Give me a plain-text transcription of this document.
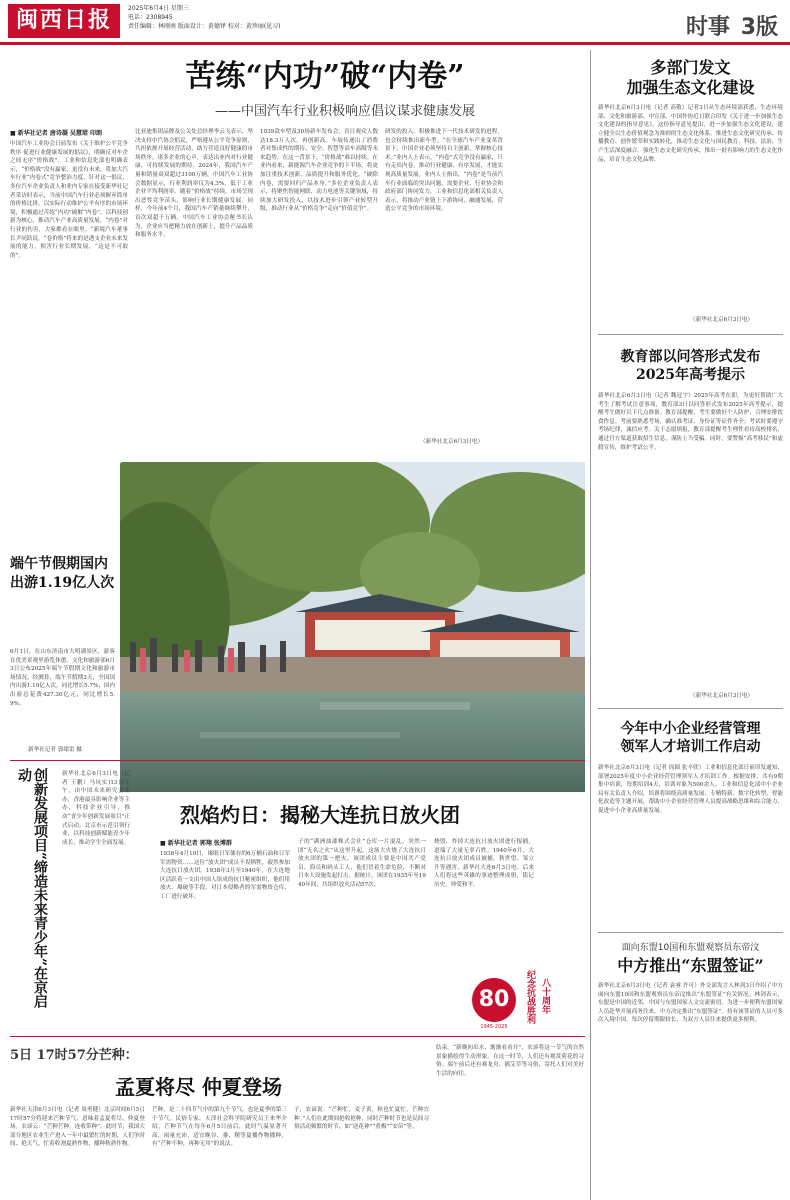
闽西日报	2025年6月4日 星期三
电话：2308945
责任编辑：林刚南 版面设计：黄德铎 校对：黄珍丽(见习)	时事 3版
苦练“内功”破“内卷”
——中国汽车行业积极响应倡议谋求健康发展
■ 新华社记者 唐诗凝 吴慧珺 印朗
中国汽车工业协会日前发布《关于维护公平竞争秩序 促进行业健康发展的倡议》，明确反对车企之间无序“价格战”。工业和信息化部也明确表示，“价格战”没有赢家，更没有未来，将加大汽车行业“内卷式”竞争整治力度。针对这一倡议，多位汽车企业负责人和业内专家在接受新华社记者采访时表示，当前中国汽车行业必须摒弃简单的价格比拼，以实际行动维护公平有序的市场环境，积极通过苦练“内功”破解“内卷”，以科技创新为核心，推动汽车产业高质量发展。“内卷”对行业的伤害，大家都看在眼里。“新境汽车董事长尹同跃说，“卷价格”将来的是透支企业未来发展的能力，损害行业长期发展，“这是不可取的”。
比亚迪集团品牌及公关处总经理李云飞表示，坚决支持中汽协会倡议，严格遵从公平竞争原则，共担依规开展经营活动，助力营造良好健康的市场秩序。诸多企业的心声，表达出业内对行业健康、可持续发展的期待。2024年，我国汽车产量和销量双双超过3100万辆，中国汽车工业协会数据显示，行业利润率仅为4.3%，低于工业企业平均利润率。随着“价格战”持续，市场呈现出恶性竞争苗头，影响行业长期健康发展。同样，今年前4个月，我国汽车产销量继续攀升，首次双超千万辆。中国汽车工业协会秘书长认为，企业应当把精力放在创新上，提升产品品质和服务水平。
1039款车型及30场新车发布会，首日观众人数达18.3万人次，再创新高。车展传递出了消费者对集成性的期待、安全、智慧等高车高级等未来趋势。在这一背景下，“价格战”难以持续。在业内看来，新能源汽车企业竞争的下半场，将更加注重技术创新、品质提升和服务优化。“破除内卷，需要回归产品本身。”多位企业负责人表示，将聚焦智能网联、动力电池等关键领域，持续加大研发投入，以技术进步引领产业转型升级，推动行业从“价格竞争”走向“价值竞争”。
研发的投入，积极推进下一代技术研发的进程，也会持续推出新车型。“在全球汽车产业变革背景下，中国企业必须坚持自主创新，掌握核心技术。”业内人士表示，“内卷”式竞争没有赢家，只有走出内卷，推动行业健康、有序发展，才能实现高质量发展。业内人士指出，“内卷”是当前汽车行业面临的突出问题，需要企业、行业协会和政府部门协同发力。工业和信息化部相关负责人表示，将推动产业链上下游协同、融通发展，营造公平竞争的市场环境。
（新华社北京6月3日电）
端午节假期国内出游1.19亿人次
6月1日，在山东济南市大明湖景区，游客在优美景观里游览休憩。文化和旅游部6月3日公布2025年端午节假期文化和旅游市场情况。经测算，端午节假期3天，全国国内出游1.19亿人次，同比增长5.7%；国内出游总花费427.30亿元，同比增长5.9%。
新华社记者 郭绪雷 摄
创新发展项目“缔造未来青少年”在京启动	新华社北京6月3日电（记者 王鹏）马坑实)13日下午，由中国未来研究会主办，香港最具影响企业等主办，科技企业引导，推动“青少年创新发展项目”正式启动。北京市示范引领行业，以科技创新赋能青少年成长，推动学生全面发展。
烈焰灼日：揭秘大连抗日放火团
■ 新华社记者 郭翔 张博群
1938年4月10日，缘眼日军储存的6万桶石油和日军军需物资……这位“放火团”成员不畏牺牲，毅然参加大连抗日放火团。1938年3月至1940年，在大连地区活跃着一支由中国人组成的抗日秘密组织，他们用放火、爆破等手段，对日本侵略者的军需物资仓库、工厂进行破坏。
子的“满洲油漆株式会社”仓库一片混乱，突然一团“无名之火”从这里升起，这场大火烧了大连抗日放火团的第一把火。该团成员主要是中国共产党员、海员和码头工人，他们冒着生命危险，不断对日本人设施发起打击。据统计，该团在1935年至1940年间，共组织放火活动57次。
烧毁、炸掉大连抗日放火团进行报捕，道端了大量无辜百姓。1940年6月，大连抗日放火团成员被捕，秋世望、邹立升等遇害。新华社大连6月3日电。后来人们将这些英雄的事迹整理成册，铭记历史，珍爱和平。
80
1945-2025
纪念抗战胜利 八十周年
5日 17时57分芒种：
孟夏将尽 仲夏登场
新华社天津6月3日电（记者 周勇健）北京时间6月5日17时57分将迎来芒种节气，意味着孟夏将尽，仲夏登场。农谚云：“芒种芒种，连收带种”。此时节，我国大部分地区农业生产进入一年中最繁忙的时期，人们争时间、抢天气，忙着收割夏熟作物、播种秋熟作物。
芒种，是二十四节气中的第九个节气，也是夏季的第三个节气。民俗专家、天津社会科学院研究员王来华介绍，芒种节气在每年6月5日前后，此时气温显著升高，雨量充沛，适宜晚谷、黍、稷等夏播作物播种，有“芒种不种，再种无用”的说法。
子，农谚说：“芒种忙，麦子黄，秋也忙夏忙，芒种宜种。”人们在此期间抢收抢种，同时芒种时节也是民间习俗活动频繁的时节，如“送花神”“煮梅”“安苗”等。
结束。“新晚初出水，渐渐看看开”，农谚将这一节气的自然景象描绘得生动形象。在这一时节，人们还有观赏荷花的习俗。端午前后还有赛龙舟、插艾草等习俗，寄托人们对美好生活的向往。
多部门发文
加强生态文化建设
新华社北京6月3日电（记者 高敬）记者3日从生态环境部获悉，生态环境部、文化和旅游部、中宣部、中国作协近日联合印发《关于进一步加强生态文化建设的指导意见》。这份指导意见提出，进一步加强生态文化建设，建立健全以生态价值观念为准则的生态文化体系。推进生态文化研究传承、传播教育、创作繁荣和实践转化，推动生态文化与国民教育、科技、法治、生产生活深度融合。强化生态文化研究传承，推出一批有影响力的生态文化作品，培育生态文化品牌。
（新华社北京6月3日电）
教育部以问答形式发布
2025年高考提示
新华社北京6月3日电（记者 魏冠宇）2025年高考在即，为更好帮助广大考生了解考试注意事项，教育部3日以问答形式发布2025年高考提示，提醒考生做好以下几点准备。教育部提醒，考生要做好个人防护，合理安排饮食作息。考前要熟悉考场，确认准考证、身份证等证件齐全；考试时要遵守考场纪律，诚信应考。关于志愿填报，教育部提醒考生理性看待高校排名，通过官方渠道获取招生信息，谨防上当受骗。同时，要警惕“高考移民”和虚假宣传，维护考试公平。
（新华社北京6月3日电）
今年中小企业经营管理
领军人才培训工作启动
新华社北京6月3日电（记者 周圆 张辛欣）工业和信息化部日前印发通知，部署2025年度中小企业经营管理领军人才培训工作。根据安排，共有9期集中培训，每期培训4天，培训对象为500余人。工业和信息化部中小企业局有关负责人介绍，培训将围绕高质量发展、专精特新、数字化转型、智能化改造等主题开展，帮助中小企业经营管理人员提高战略思维和综合能力，促进中小企业高质量发展。
面向东盟10国和东盟观察员东帝汶
中方推出“东盟签证”
新华社北京6月3日电（记者 袁睿 许可）外交部发言人林剑3日介绍了中方面向东盟10国和东盟观察员东帝汶推出“东盟签证”有关情况。林剑表示，东盟是中国的近邻，中国与东盟国家人文交流密切。为进一步便利东盟国家人员赴华开展商务往来，中方决定推出“东盟签证”。持有该签证的人员可多次入境中国，每次停留期限较长，为双方人员往来提供更多便利。
